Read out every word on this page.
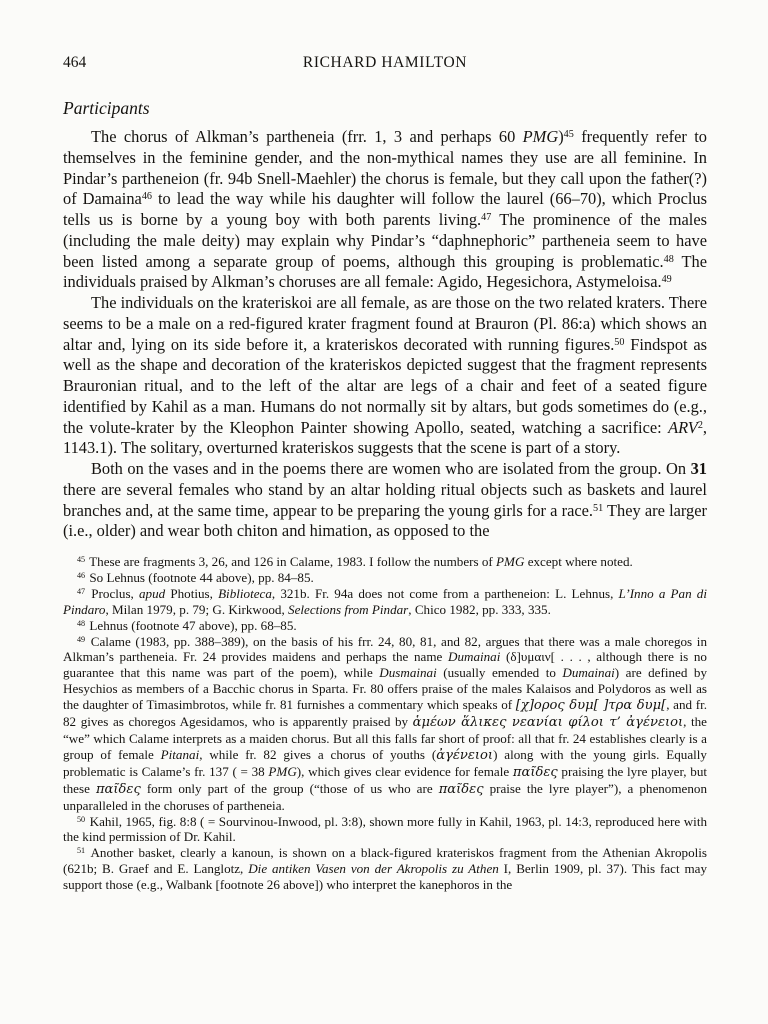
464	RICHARD HAMILTON
Participants

The chorus of Alkman’s partheneia (frr. 1, 3 and perhaps 60 PMG)$^{45}$ frequently refer to themselves in the feminine gender, and the non-mythical names they use are all feminine. In Pindar’s partheneion (fr. 94b Snell-Maehler) the chorus is female, but they call upon the father(?) of Damaina$^{46}$ to lead the way while his daughter will follow the laurel (66–70), which Proclus tells us is borne by a young boy with both parents living.$^{47}$ The prominence of the males (including the male deity) may explain why Pindar’s “daphnephoric” partheneia seem to have been listed among a separate group of poems, although this grouping is problematic.$^{48}$ The individuals praised by Alkman’s choruses are all female: Agido, Hegesichora, Astymeloisa.$^{49}$

The individuals on the krateriskoi are all female, as are those on the two related kraters. There seems to be a male on a red-figured krater fragment found at Brauron (Pl. 86:a) which shows an altar and, lying on its side before it, a krateriskos decorated with running figures.$^{50}$ Findspot as well as the shape and decoration of the krateriskos depicted suggest that the fragment represents Brauronian ritual, and to the left of the altar are legs of a chair and feet of a seated figure identified by Kahil as a man. Humans do not normally sit by altars, but gods sometimes do (e.g., the volute-krater by the Kleophon Painter showing Apollo, seated, watching a sacrifice: ARV$^2$, 1143.1). The solitary, overturned krateriskos suggests that the scene is part of a story.

Both on the vases and in the poems there are women who are isolated from the group. On 31 there are several females who stand by an altar holding ritual objects such as baskets and laurel branches and, at the same time, appear to be preparing the young girls for a race.$^{51}$ They are larger (i.e., older) and wear both chiton and himation, as opposed to the

$^{45}$ These are fragments 3, 26, and 126 in Calame, 1983. I follow the numbers of PMG except where noted.

$^{46}$ So Lehnus (footnote 44 above), pp. 84–85.

$^{47}$ Proclus, apud Photius, Biblioteca, 321b. Fr. 94a does not come from a partheneion: L. Lehnus, L’Inno a Pan di Pindaro, Milan 1979, p. 79; G. Kirkwood, Selections from Pindar, Chico 1982, pp. 333, 335.

$^{48}$ Lehnus (footnote 47 above), pp. 68–85.

$^{49}$ Calame (1983, pp. 388–389), on the basis of his frr. 24, 80, 81, and 82, argues that there was a male choregos in Alkman’s partheneia. Fr. 24 provides maidens and perhaps the name Dumainai (δ]υμαιν[ . . . , although there is no guarantee that this name was part of the poem), while Dusmainai (usually emended to Dumainai) are defined by Hesychios as members of a Bacchic chorus in Sparta. Fr. 80 offers praise of the males Kalaisos and Polydoros as well as the daughter of Timasimbrotos, while fr. 81 furnishes a commentary which speaks of [χ]ορος δυμ[ ]τρα δυμ[, and fr. 82 gives as choregos Agesidamos, who is apparently praised by ἁμέων ἅλικες νεανίαι φίλοι τ’ ἀγένειοι, the “we” which Calame interprets as a maiden chorus. But all this falls far short of proof: all that fr. 24 establishes clearly is a group of female Pitanai, while fr. 82 gives a chorus of youths (ἀγένειοι) along with the young girls. Equally problematic is Calame’s fr. 137 ( = 38 PMG), which gives clear evidence for female παῖδες praising the lyre player, but these παῖδες form only part of the group (“those of us who are παῖδες praise the lyre player”), a phenomenon unparalleled in the choruses of partheneia.

$^{50}$ Kahil, 1965, fig. 8:8 ( = Sourvinou-Inwood, pl. 3:8), shown more fully in Kahil, 1963, pl. 14:3, reproduced here with the kind permission of Dr. Kahil.

$^{51}$ Another basket, clearly a kanoun, is shown on a black-figured krateriskos fragment from the Athenian Akropolis (621b; B. Graef and E. Langlotz, Die antiken Vasen von der Akropolis zu Athen I, Berlin 1909, pl. 37). This fact may support those (e.g., Walbank [footnote 26 above]) who interpret the kanephoros in the
